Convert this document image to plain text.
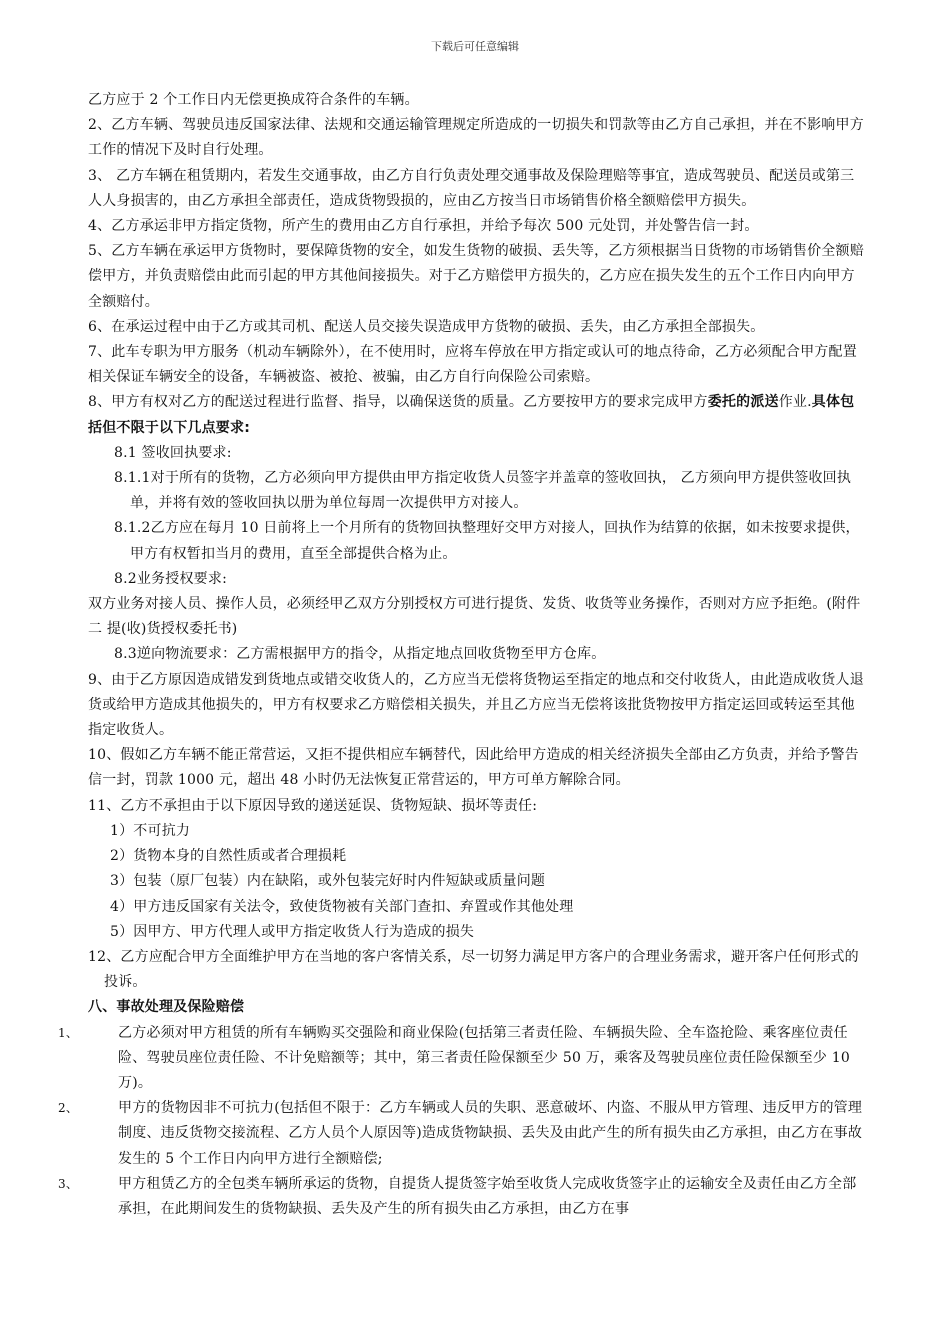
下载后可任意编辑

乙方应于 2 个工作日内无偿更换成符合条件的车辆。

2、乙方车辆、驾驶员违反国家法律、法规和交通运输管理规定所造成的一切损失和罚款等由乙方自己承担，并在不影响甲方工作的情况下及时自行处理。

3、 乙方车辆在租赁期内，若发生交通事故，由乙方自行负责处理交通事故及保险理赔等事宜，造成驾驶员、配送员或第三人人身损害的，由乙方承担全部责任，造成货物毁损的，应由乙方按当日市场销售价格全额赔偿甲方损失。

4、乙方承运非甲方指定货物，所产生的费用由乙方自行承担，并给予每次 500 元处罚，并处警告信一封。

5、乙方车辆在承运甲方货物时，要保障货物的安全，如发生货物的破损、丢失等，乙方须根据当日货物的市场销售价全额赔偿甲方，并负责赔偿由此而引起的甲方其他间接损失。对于乙方赔偿甲方损失的，乙方应在损失发生的五个工作日内向甲方全额赔付。

6、在承运过程中由于乙方或其司机、配送人员交接失误造成甲方货物的破损、丢失，由乙方承担全部损失。

7、此车专职为甲方服务（机动车辆除外），在不使用时，应将车停放在甲方指定或认可的地点待命，乙方必须配合甲方配置相关保证车辆安全的设备，车辆被盗、被抢、被骗，由乙方自行向保险公司索赔。

8、甲方有权对乙方的配送过程进行监督、指导，以确保送货的质量。乙方要按甲方的要求完成甲方委托的派送作业.具体包括但不限于以下几点要求:

8.1 签收回执要求:

8.1.1对于所有的货物，乙方必须向甲方提供由甲方指定收货人员签字并盖章的签收回执， 乙方须向甲方提供签收回执单，并将有效的签收回执以册为单位每周一次提供甲方对接人。

8.1.2乙方应在每月 10 日前将上一个月所有的货物回执整理好交甲方对接人，回执作为结算的依据，如未按要求提供，甲方有权暂扣当月的费用，直至全部提供合格为止。

8.2业务授权要求:

双方业务对接人员、操作人员，必须经甲乙双方分别授权方可进行提货、发货、收货等业务操作，否则对方应予拒绝。(附件二 提(收)货授权委托书)

8.3逆向物流要求：乙方需根据甲方的指令，从指定地点回收货物至甲方仓库。

9、由于乙方原因造成错发到货地点或错交收货人的，乙方应当无偿将货物运至指定的地点和交付收货人，由此造成收货人退货或给甲方造成其他损失的，甲方有权要求乙方赔偿相关损失，并且乙方应当无偿将该批货物按甲方指定运回或转运至其他指定收货人。

10、假如乙方车辆不能正常营运，又拒不提供相应车辆替代，因此给甲方造成的相关经济损失全部由乙方负责，并给予警告信一封，罚款 1000 元，超出 48 小时仍无法恢复正常营运的，甲方可单方解除合同。

11、乙方不承担由于以下原因导致的递送延误、货物短缺、损坏等责任:

1）不可抗力

2）货物本身的自然性质或者合理损耗

3）包装（原厂包装）内在缺陷，或外包装完好时内件短缺或质量问题

4）甲方违反国家有关法令，致使货物被有关部门查扣、弃置或作其他处理

5）因甲方、甲方代理人或甲方指定收货人行为造成的损失

12、乙方应配合甲方全面维护甲方在当地的客户客情关系，尽一切努力满足甲方客户的合理业务需求，避开客户任何形式的投诉。

八、事故处理及保险赔偿

1、	乙方必须对甲方租赁的所有车辆购买交强险和商业保险(包括第三者责任险、车辆损失险、全车盗抢险、乘客座位责任险、驾驶员座位责任险、不计免赔额等；其中，第三者责任险保额至少 50 万，乘客及驾驶员座位责任险保额至少 10 万)。

2、	甲方的货物因非不可抗力(包括但不限于：乙方车辆或人员的失职、恶意破坏、内盗、不服从甲方管理、违反甲方的管理制度、违反货物交接流程、乙方人员个人原因等)造成货物缺损、丢失及由此产生的所有损失由乙方承担，由乙方在事故发生的 5 个工作日内向甲方进行全额赔偿;

3、	甲方租赁乙方的全包类车辆所承运的货物，自提货人提货签字始至收货人完成收货签字止的运输安全及责任由乙方全部承担，在此期间发生的货物缺损、丢失及产生的所有损失由乙方承担，由乙方在事
